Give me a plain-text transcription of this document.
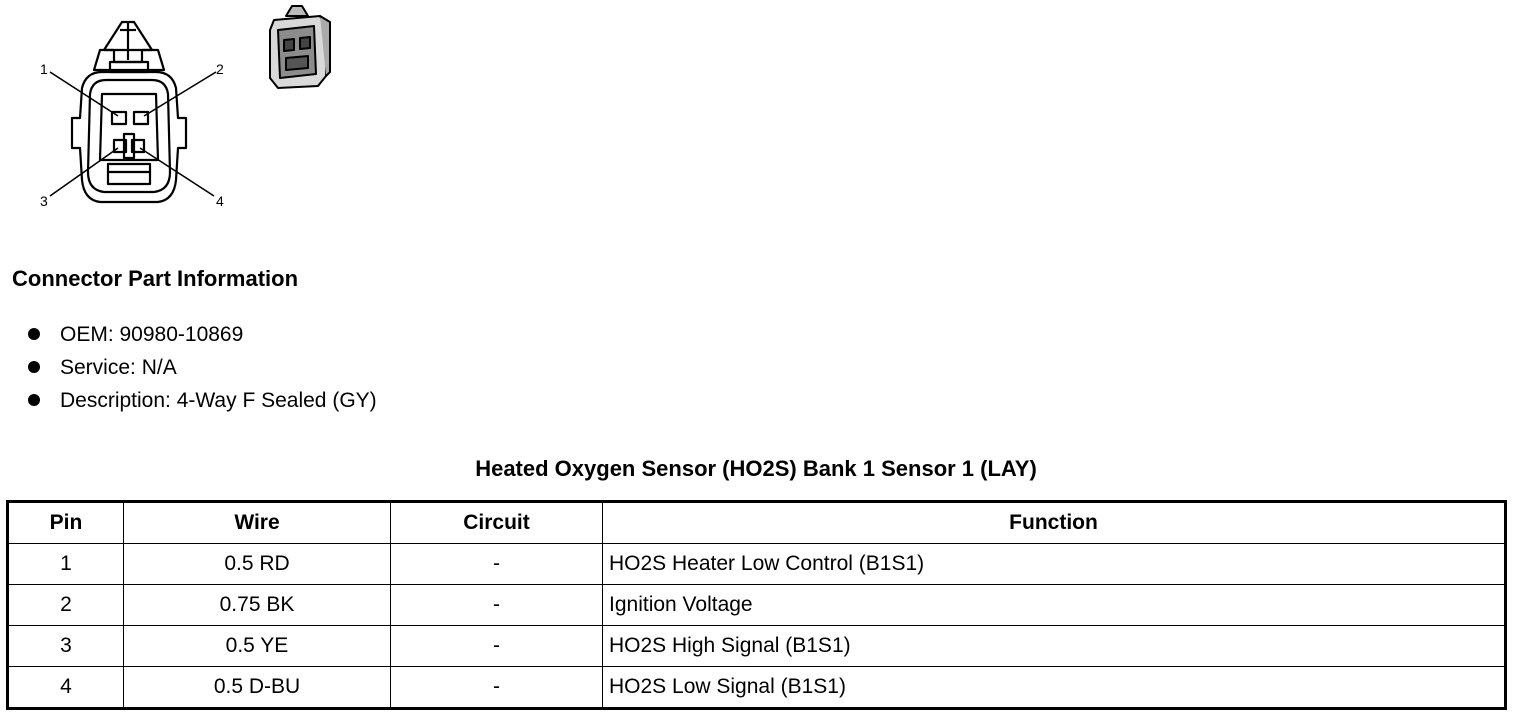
1	2
3	4
Connector Part Information
OEM: 90980-10869
Service: N/A
Description: 4-Way F Sealed (GY)
Heated Oxygen Sensor (HO2S) Bank 1 Sensor 1 (LAY)
Pin	Wire	Circuit	Function
1	0.5 RD	-	HO2S Heater Low Control (B1S1)
2	0.75 BK	-	Ignition Voltage
3	0.5 YE	-	HO2S High Signal (B1S1)
4	0.5 D-BU	-	HO2S Low Signal (B1S1)
